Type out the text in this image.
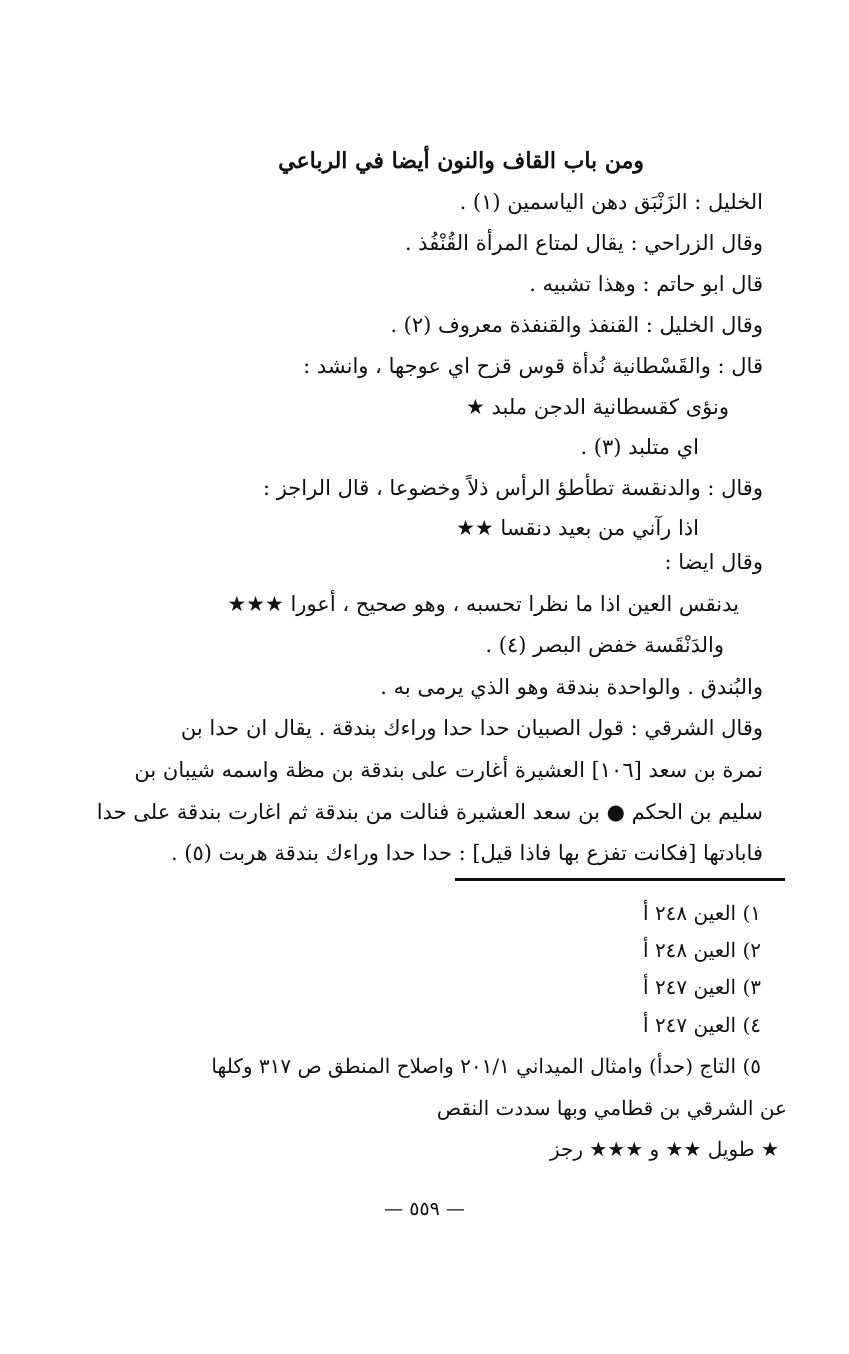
ومن باب القاف والنون أيضا في الرباعي
الخليل : الزَنْبَق دهن الياسمين (١) .
وقال الزراحي : يقال لمتاع المرأة القُنْفُذ .
قال ابو حاتم : وهذا تشبيه .
وقال الخليل : القنفذ والقنفذة معروف (٢) .
قال : والقَسْطانية نُدأة قوس قزح اي عوجها ، وانشد :
ونؤى كقسطانية الدجن ملبد ★
اي متلبد (٣) .
وقال : والدنقسة تطأطؤ الرأس ذلاً وخضوعا ، قال الراجز :
اذا رآني من بعيد دنقسا ★★
وقال ايضا :
يدنقس العين اذا ما نظرا تحسبه ، وهو صحيح ، أعورا ★★★
والدَنْقَسة خفض البصر (٤) .
والبُندق . والواحدة بندقة وهو الذي يرمى به .
وقال الشرقي : قول الصبيان حدا حدا وراءك بندقة . يقال ان حدا بن
نمرة بن سعد [١٠٦] العشيرة أغارت على بندقة بن مظة واسمه شيبان بن
سليم بن الحكم ● بن سعد العشيرة فنالت من بندقة ثم اغارت بندقة على حدا
فابادتها [فكانت تفزع بها فاذا قيل] : حدا حدا وراءك بندقة هربت (٥) .
١) العين ٢٤٨ أ
٢) العين ٢٤٨ أ
٣) العين ٢٤٧ أ
٤) العين ٢٤٧ أ
٥) التاج (حدأ) وامثال الميداني ٢٠١/١ واصلاح المنطق ص ٣١٧ وكلها
عن الشرقي بن قطامي وبها سددت النقص
★ طويل ★★ و ★★★ رجز
— ٥٥٩ —
